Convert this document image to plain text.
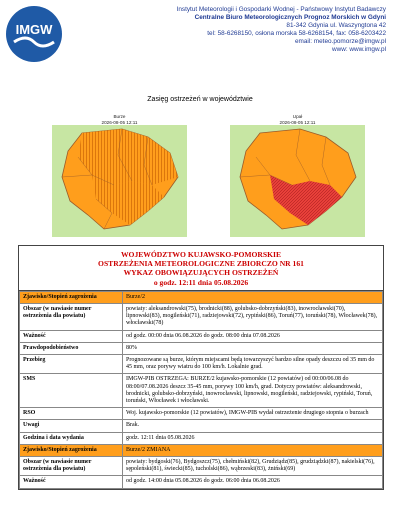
IMGW
Instytut Meteorologii i Gospodarki Wodnej - Państwowy Instytut Badawczy
Centralne Biuro Meteorologicznych Prognoz Morskich w Gdyni
81-342 Gdynia ul. Waszyngtona 42
tel: 58-6268150, osłona morska 58-6268154, fax: 058-6203422
email: meteo.pomorze@imgw.pl
www: www.imgw.pl
Zasięg ostrzeżeń w województwie
Burze
2026-08-05 12:11
Upał
2026-08-05 12:11
WOJEWÓDZTWO KUJAWSKO-POMORSKIE
OSTRZEŻENIA METEOROLOGICZNE ZBIORCZO NR 161
WYKAZ OBOWIĄZUJĄCYCH OSTRZEŻEŃ
o godz. 12:11 dnia 05.08.2026
Zjawisko/Stopień zagrożenia	Burze/2
Obszar (w nawiasie numer ostrzeżenia dla powiatu)	powiaty: aleksandrowski(75), brodnicki(88), golubsko-dobrzyński(83), inowrocławski(70), lipnowski(83), mogileński(71), radziejowski(72), rypiński(86), Toruń(77), toruński(78), Włocławek(78), włocławski(78)
Ważność	od godz. 00:00 dnia 06.08.2026 do godz. 08:00 dnia 07.08.2026
Prawdopodobieństwo	80%
Przebieg	Prognozowane są burze, którym miejscami będą towarzyszyć bardzo silne opady deszczu od 35 mm do 45 mm, oraz porywy wiatru do 100 km/h. Lokalnie grad.
SMS	IMGW-PIB OSTRZEGA: BURZE/2 kujawsko-pomorskie (12 powiatów) od 00:00/06.08 do 08:00/07.08.2026 deszcz 35-45 mm, porywy 100 km/h, grad. Dotyczy powiatów: aleksandrowski, brodnicki, golubsko-dobrzyński, inowrocławski, lipnowski, mogileński, radziejowski, rypiński, Toruń, toruński, Włocławek i włocławski.
RSO	Woj. kujawsko-pomorskie (12 powiatów), IMGW-PIB wydał ostrzeżenie drugiego stopnia o burzach
Uwagi	Brak.
Godzina i data wydania	godz. 12:11 dnia 05.08.2026
Zjawisko/Stopień zagrożenia	Burze/2 ZMIANA
Obszar (w nawiasie numer ostrzeżenia dla powiatu)	powiaty: bydgoski(76), Bydgoszcz(75), chełmiński(82), Grudziądz(85), grudziądzki(87), nakielski(76), sępoleński(81), świecki(85), tucholski(86), wąbrzeski(83), żniński(69)
Ważność	od godz. 14:00 dnia 05.08.2026 do godz. 06:00 dnia 06.08.2026
